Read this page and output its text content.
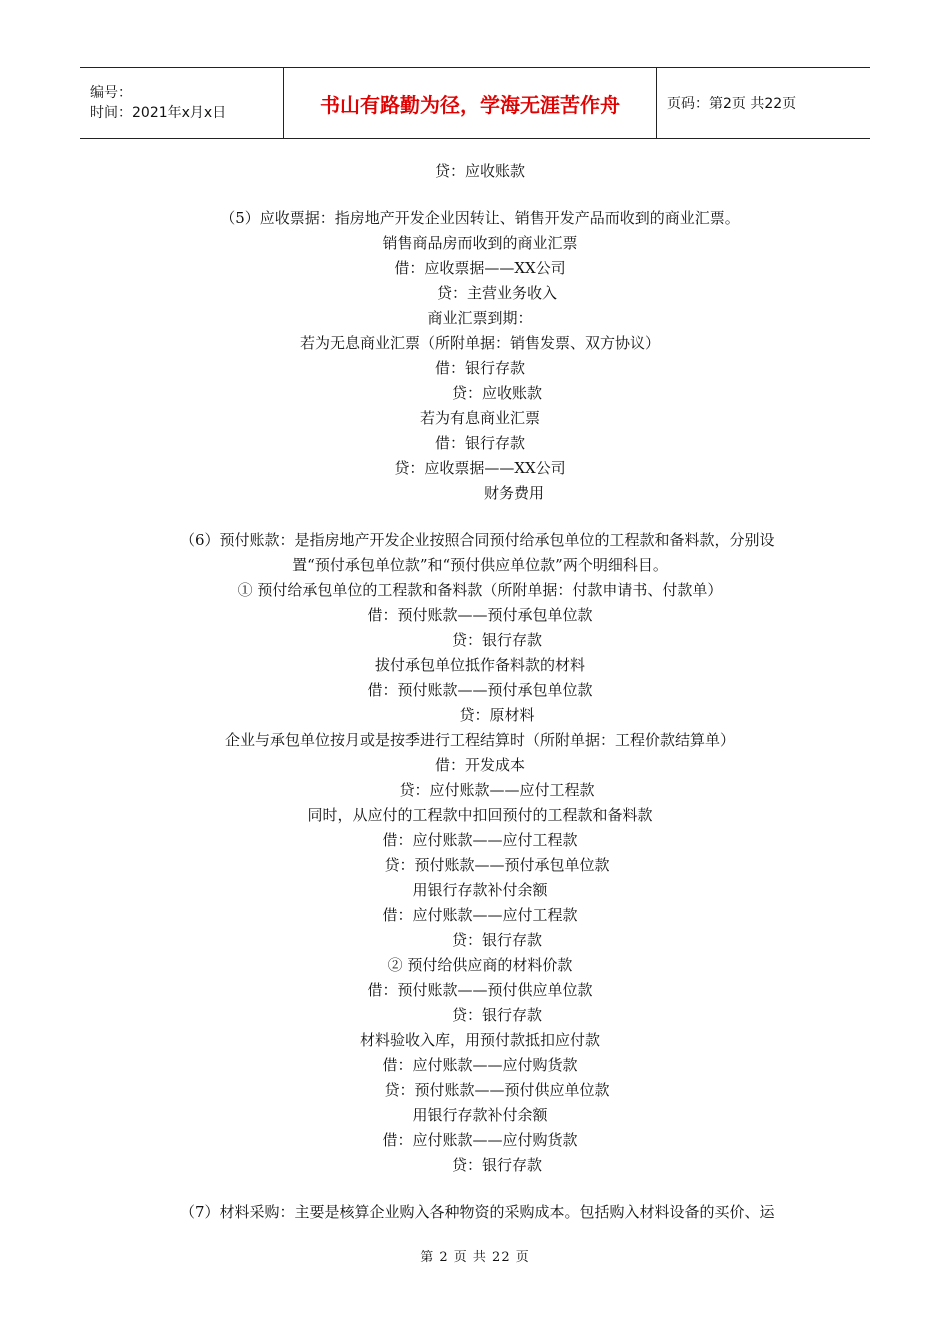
编号：
时间：2021年x月x日	书山有路勤为径，学海无涯苦作舟	页码：第2页 共22页
贷：应收账款
（5）应收票据：指房地产开发企业因转让、销售开发产品而收到的商业汇票。
销售商品房而收到的商业汇票
借：应收票据——XX公司
贷：主营业务收入
商业汇票到期：
若为无息商业汇票（所附单据：销售发票、双方协议）
借：银行存款
贷：应收账款
若为有息商业汇票
借：银行存款
贷：应收票据——XX公司
财务费用
（6）预付账款：是指房地产开发企业按照合同预付给承包单位的工程款和备料款，分别设
置“预付承包单位款”和“预付供应单位款”两个明细科目。
① 预付给承包单位的工程款和备料款（所附单据：付款申请书、付款单）
借：预付账款——预付承包单位款
贷：银行存款
拔付承包单位抵作备料款的材料
借：预付账款——预付承包单位款
贷：原材料
企业与承包单位按月或是按季进行工程结算时（所附单据：工程价款结算单）
借：开发成本
贷：应付账款——应付工程款
同时，从应付的工程款中扣回预付的工程款和备料款
借：应付账款——应付工程款
贷：预付账款——预付承包单位款
用银行存款补付余额
借：应付账款——应付工程款
贷：银行存款
② 预付给供应商的材料价款
借：预付账款——预付供应单位款
贷：银行存款
材料验收入库，用预付款抵扣应付款
借：应付账款——应付购货款
贷：预付账款——预付供应单位款
用银行存款补付余额
借：应付账款——应付购货款
贷：银行存款
（7）材料采购：主要是核算企业购入各种物资的采购成本。包括购入材料设备的买价、运
第 2 页 共 22 页
